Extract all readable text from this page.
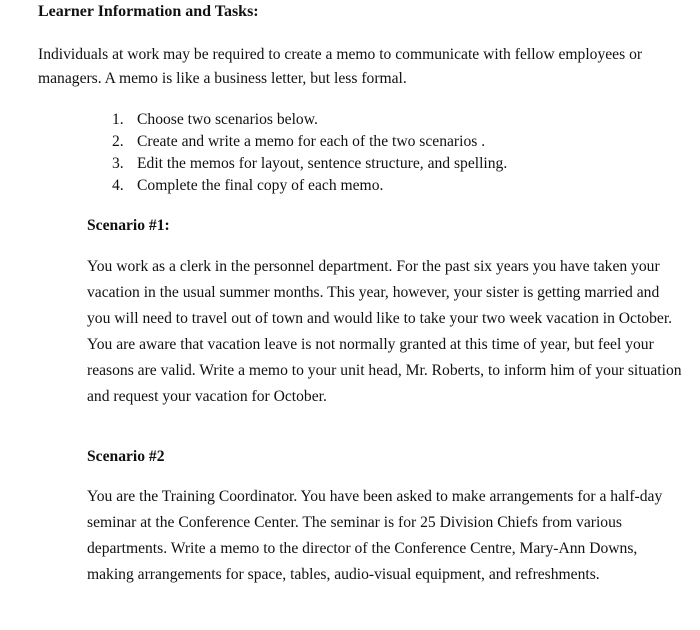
Learner Information and Tasks:

Individuals at work may be required to create a memo to communicate with fellow employees or managers. A memo is like a business letter, but less formal.

1. Choose two scenarios below.
2. Create and write a memo for each of the two scenarios .
3. Edit the memos for layout, sentence structure, and spelling.
4. Complete the final copy of each memo.

Scenario #1:

You work as a clerk in the personnel department. For the past six years you have taken your vacation in the usual summer months. This year, however, your sister is getting married and you will need to travel out of town and would like to take your two week vacation in October. You are aware that vacation leave is not normally granted at this time of year, but feel your reasons are valid. Write a memo to your unit head, Mr. Roberts, to inform him of your situation and request your vacation for October.

Scenario #2

You are the Training Coordinator. You have been asked to make arrangements for a half-day seminar at the Conference Center. The seminar is for 25 Division Chiefs from various departments. Write a memo to the director of the Conference Centre, Mary-Ann Downs, making arrangements for space, tables, audio-visual equipment, and refreshments.
